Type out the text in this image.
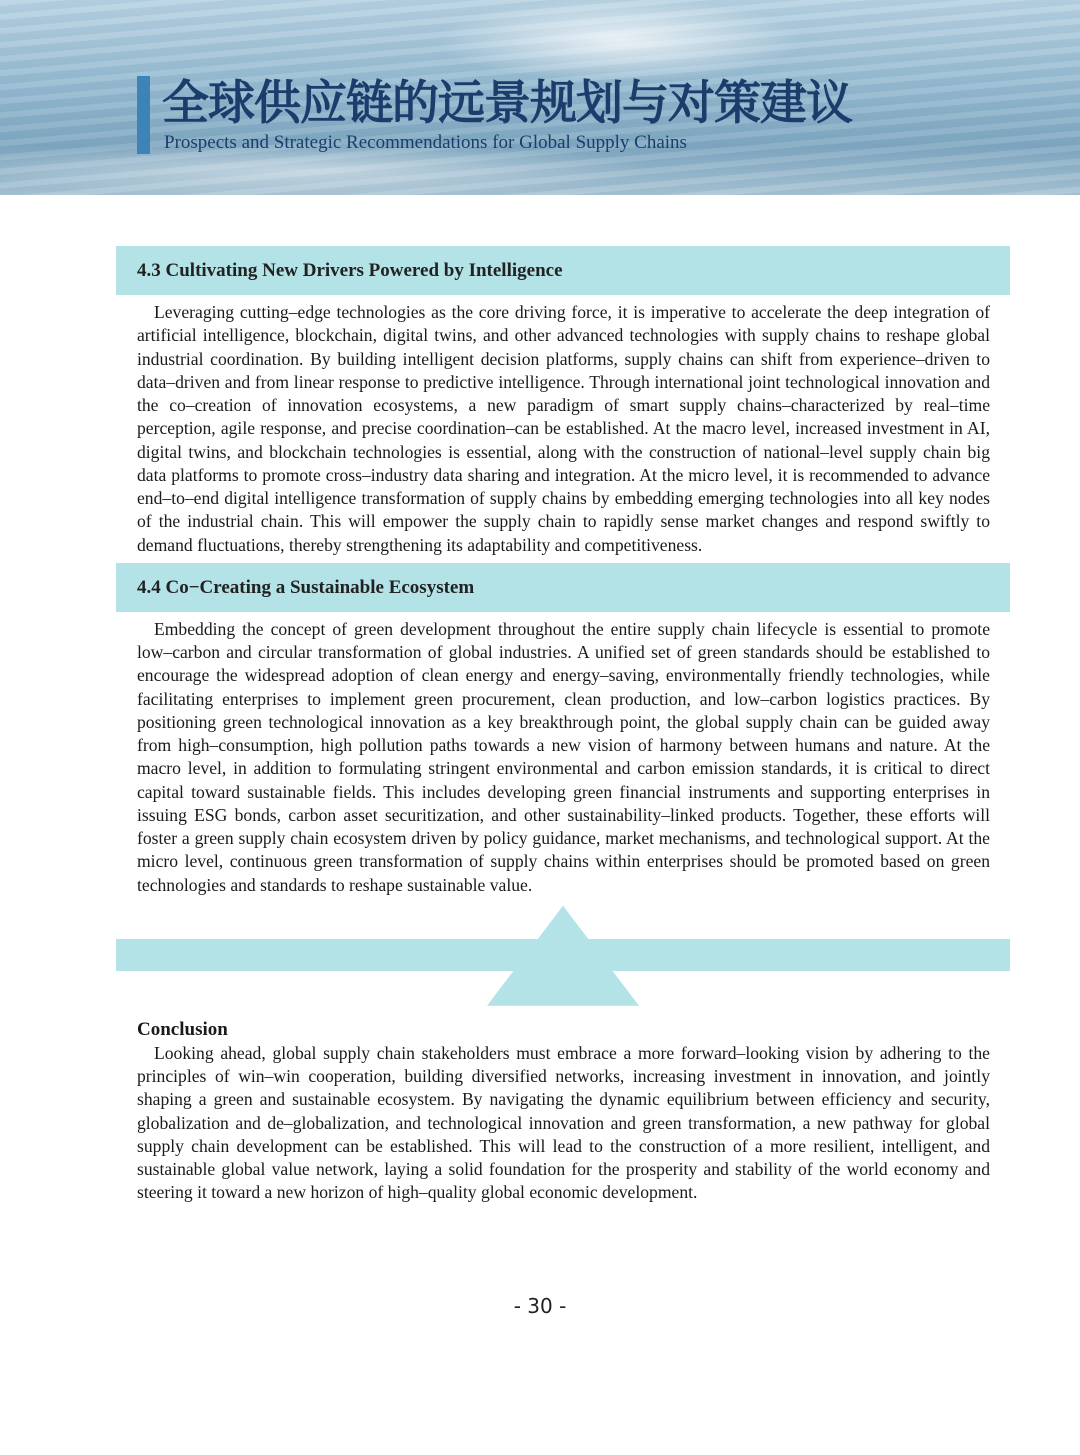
全球供应链的远景规划与对策建议
Prospects and Strategic Recommendations for Global Supply Chains
4.3 Cultivating New Drivers Powered by Intelligence

Leveraging cutting–edge technologies as the core driving force, it is imperative to accelerate the deep integration of artificial intelligence, blockchain, digital twins, and other advanced technologies with supply chains to reshape global industrial coordination. By building intelligent decision platforms, supply chains can shift from experience–driven to data–driven and from linear response to predictive intelligence. Through international joint technological innovation and the co–creation of innovation ecosystems, a new paradigm of smart supply chains–characterized by real–time perception, agile response, and precise coordination–can be established. At the macro level, increased investment in AI, digital twins, and blockchain technologies is essential, along with the construction of national–level supply chain big data platforms to promote cross–industry data sharing and integration. At the micro level, it is recommended to advance end–to–end digital intelligence transformation of supply chains by embedding emerging technologies into all key nodes of the industrial chain. This will empower the supply chain to rapidly sense market changes and respond swiftly to demand fluctuations, thereby strengthening its adaptability and competitiveness.

4.4 Co−Creating a Sustainable Ecosystem

Embedding the concept of green development throughout the entire supply chain lifecycle is essential to promote low–carbon and circular transformation of global industries. A unified set of green standards should be established to encourage the widespread adoption of clean energy and energy–saving, environmentally friendly technologies, while facilitating enterprises to implement green procurement, clean production, and low–carbon logistics practices. By positioning green technological innovation as a key breakthrough point, the global supply chain can be guided away from high–consumption, high pollution paths towards a new vision of harmony between humans and nature. At the macro level, in addition to formulating stringent environmental and carbon emission standards, it is critical to direct capital toward sustainable fields. This includes developing green financial instruments and supporting enterprises in issuing ESG bonds, carbon asset securitization, and other sustainability–linked products. Together, these efforts will foster a green supply chain ecosystem driven by policy guidance, market mechanisms, and technological support. At the micro level, continuous green transformation of supply chains within enterprises should be promoted based on green technologies and standards to reshape sustainable value.

Conclusion

Looking ahead, global supply chain stakeholders must embrace a more forward–looking vision by adhering to the principles of win–win cooperation, building diversified networks, increasing investment in innovation, and jointly shaping a green and sustainable ecosystem. By navigating the dynamic equilibrium between efficiency and security, globalization and de–globalization, and technological innovation and green transformation, a new pathway for global supply chain development can be established. This will lead to the construction of a more resilient, intelligent, and sustainable global value network, laying a solid foundation for the prosperity and stability of the world economy and steering it toward a new horizon of high–quality global economic development.

- 30 -
